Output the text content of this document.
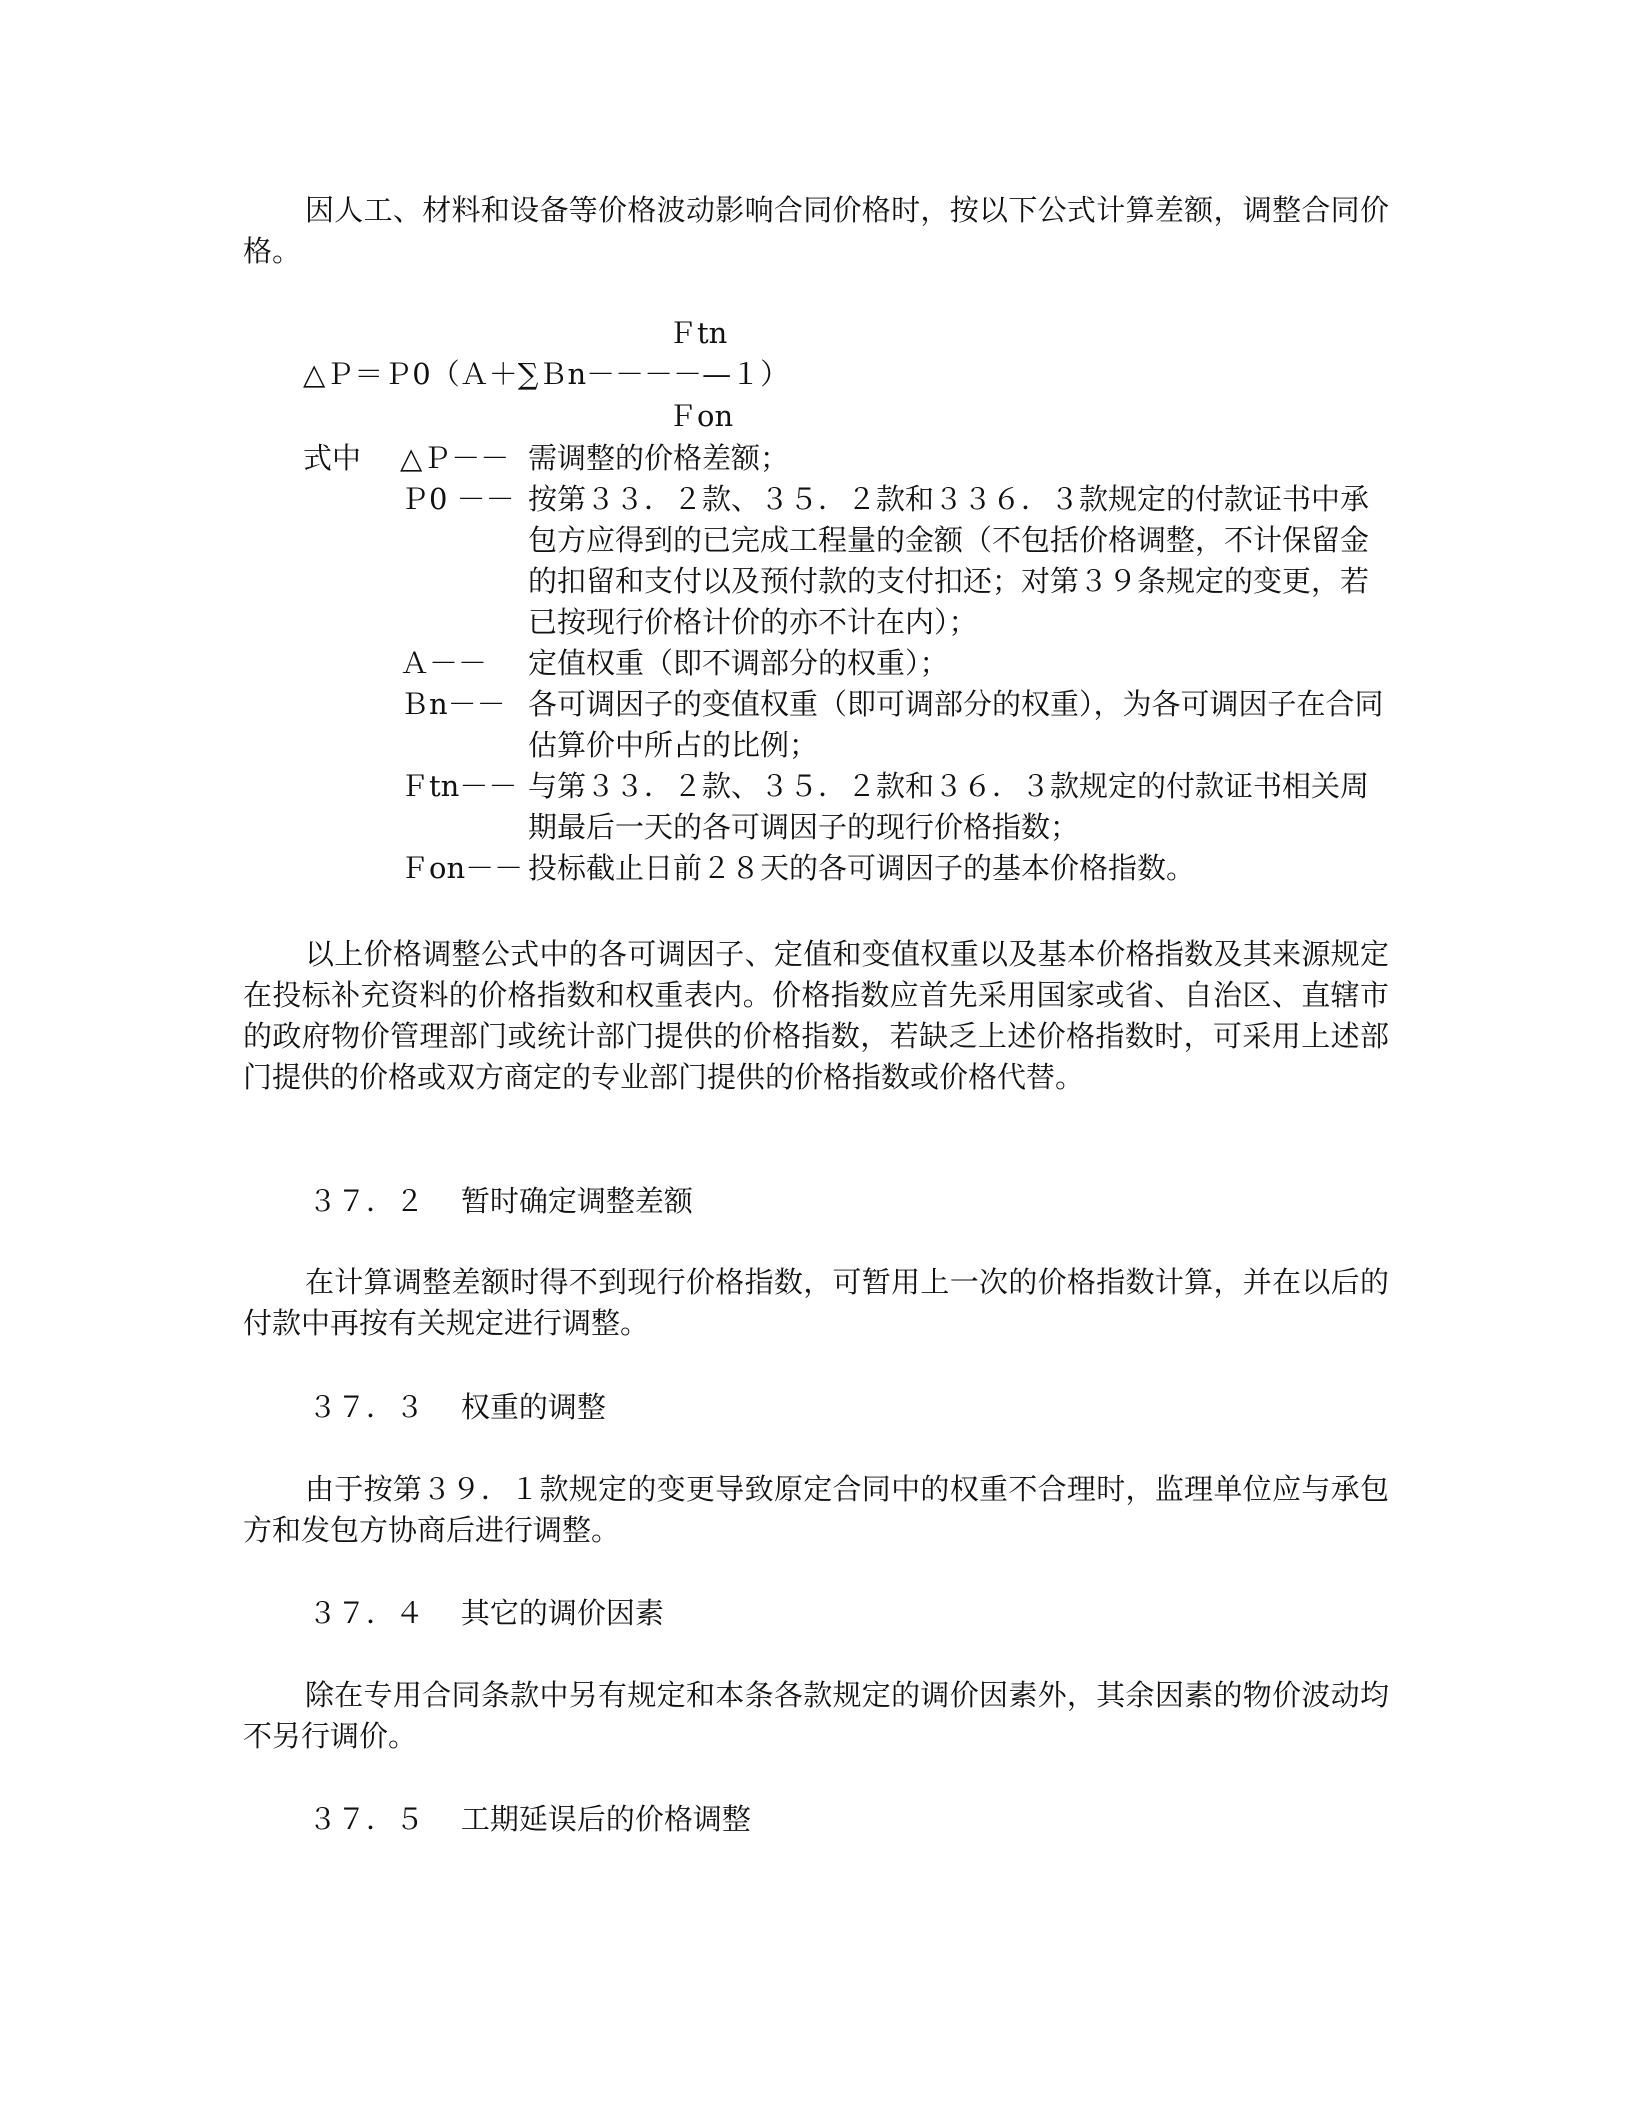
因人工、材料和设备等价格波动影响合同价格时，按以下公式计算差额，调整合同价格。

Ｆtn

△Ｐ＝Ｐ0（Ａ＋∑Ｂn－－－－—１）

Ｆon

式中 △Ｐ－－ 需调整的价格差额；
Ｐ0 －－ 按第３３．２款、３５．２款和３３６．３款规定的付款证书中承包方应得到的已完成工程量的金额（不包括价格调整，不计保留金的扣留和支付以及预付款的支付扣还；对第３９条规定的变更，若已按现行价格计价的亦不计在内）；
Ａ－－	定值权重（即不调部分的权重）；
Ｂn－－ 各可调因子的变值权重（即可调部分的权重），为各可调因子在合同估算价中所占的比例；
Ｆtn－－ 与第３３．２款、３５．２款和３６．３款规定的付款证书相关周期最后一天的各可调因子的现行价格指数；
Ｆon－－ 投标截止日前２８天的各可调因子的基本价格指数。

以上价格调整公式中的各可调因子、定值和变值权重以及基本价格指数及其来源规定在投标补充资料的价格指数和权重表内。价格指数应首先采用国家或省、自治区、直辖市的政府物价管理部门或统计部门提供的价格指数，若缺乏上述价格指数时，可采用上述部门提供的价格或双方商定的专业部门提供的价格指数或价格代替。

３７．２ 暂时确定调整差额

在计算调整差额时得不到现行价格指数，可暂用上一次的价格指数计算，并在以后的付款中再按有关规定进行调整。

３７．３ 权重的调整

由于按第３９．１款规定的变更导致原定合同中的权重不合理时，监理单位应与承包方和发包方协商后进行调整。

３７．４ 其它的调价因素

除在专用合同条款中另有规定和本条各款规定的调价因素外，其余因素的物价波动均不另行调价。

３７．５ 工期延误后的价格调整
